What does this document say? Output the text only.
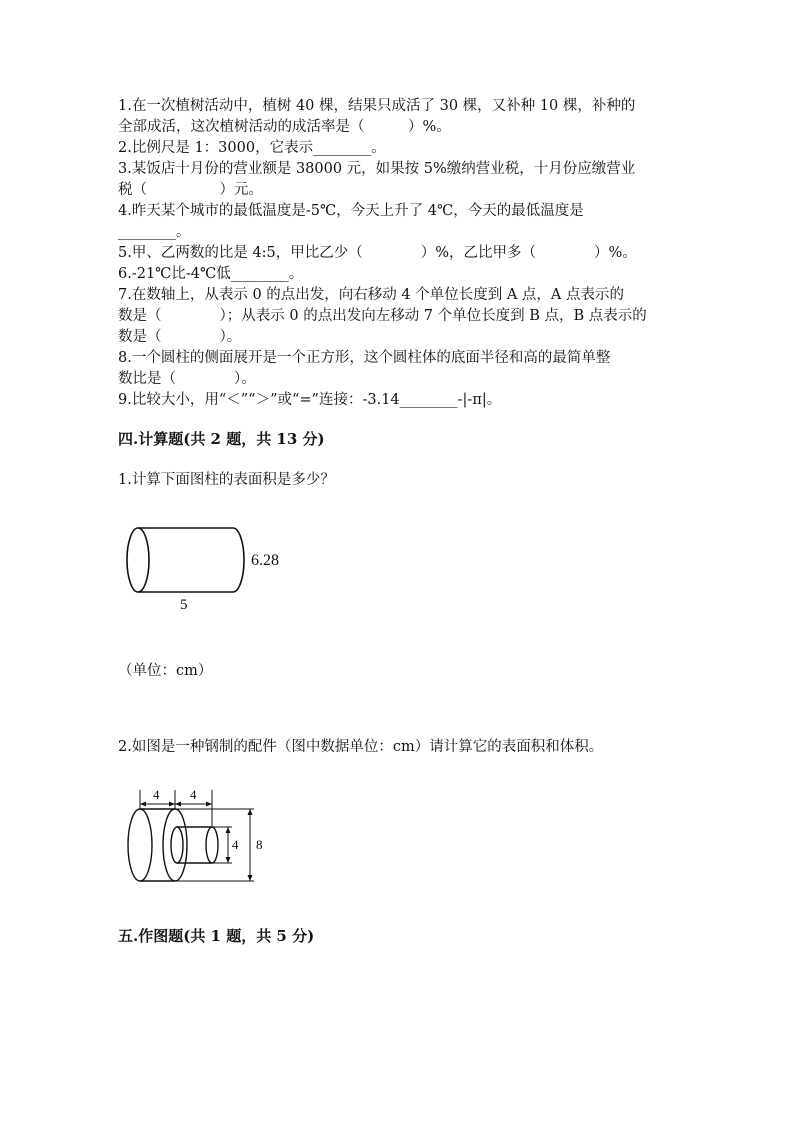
1.在一次植树活动中，植树 40 棵，结果只成活了 30 棵，又补种 10 棵，补种的
全部成活，这次植树活动的成活率是（　　　）%。
2.比例尺是 1：3000，它表示________。
3.某饭店十月份的营业额是 38000 元，如果按 5%缴纳营业税，十月份应缴营业
税（　　　　　）元。
4.昨天某个城市的最低温度是-5℃，今天上升了 4℃，今天的最低温度是
________。
5.甲、乙两数的比是 4:5，甲比乙少（　　　　）%，乙比甲多（　　　　）%。
6.-21℃比-4℃低________。
7.在数轴上，从表示 0 的点出发，向右移动 4 个单位长度到 A 点，A 点表示的
数是（　　　　）；从表示 0 的点出发向左移动 7 个单位长度到 B 点，B 点表示的
数是（　　　　）。
8.一个圆柱的侧面展开是一个正方形，这个圆柱体的底面半径和高的最简单整
数比是（　　　　）。
9.比较大小，用“＜”“＞”或“=”连接：-3.14________-|-π|。
四.计算题(共 2 题，共 13 分)
1.计算下面图柱的表面积是多少？
6.28
5
（单位：cm）
2.如图是一种钢制的配件（图中数据单位：cm）请计算它的表面积和体积。
4 4
4 8
五.作图题(共 1 题，共 5 分)
